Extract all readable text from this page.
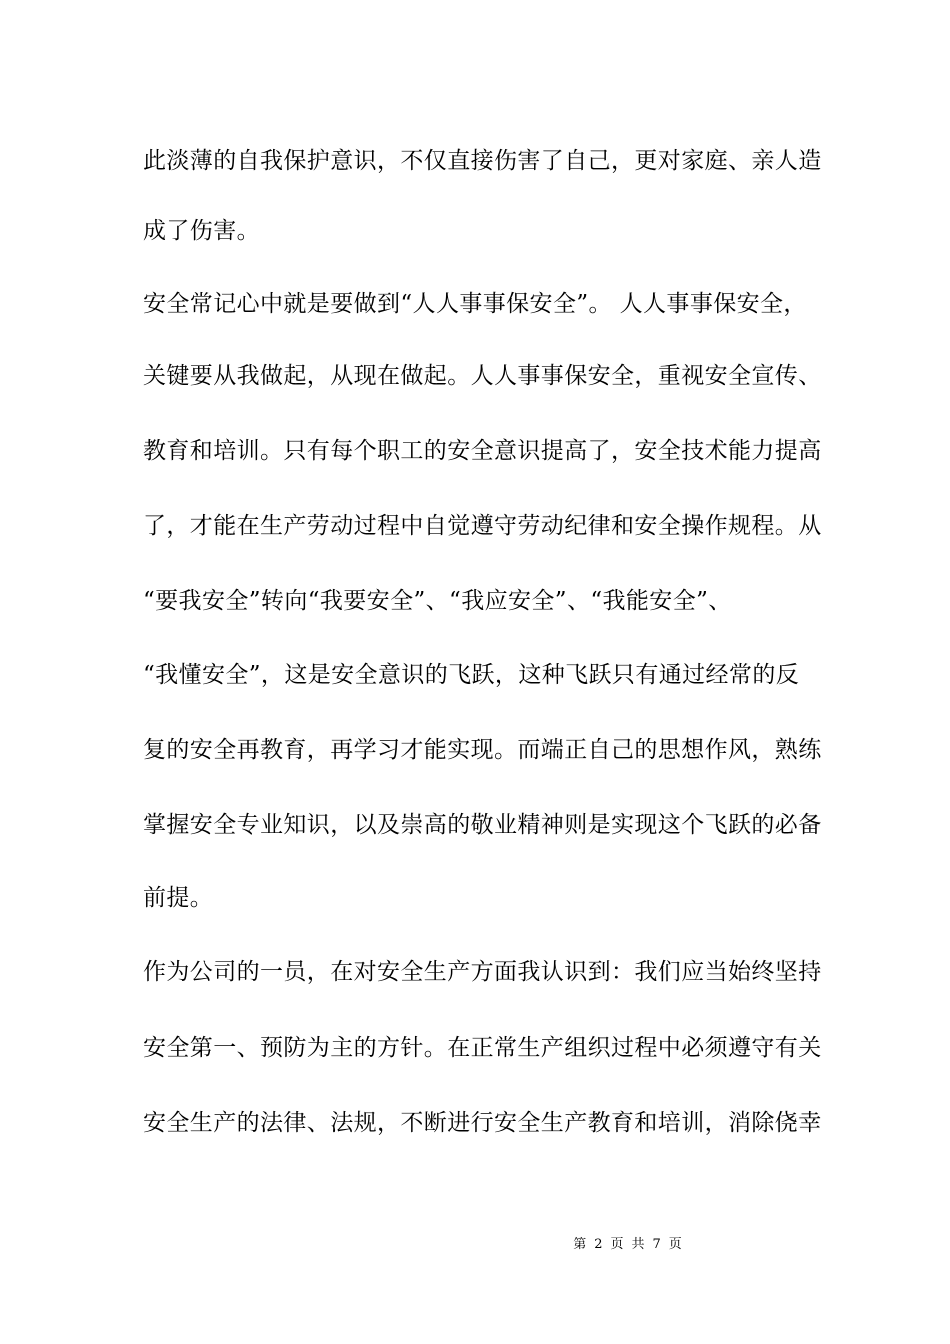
此淡薄的自我保护意识，不仅直接伤害了自己，更对家庭、亲人造
成了伤害。
安全常记心中就是要做到“人人事事保安全”。 人人事事保安全，
关键要从我做起，从现在做起。人人事事保安全，重视安全宣传、
教育和培训。只有每个职工的安全意识提高了，安全技术能力提高
了，才能在生产劳动过程中自觉遵守劳动纪律和安全操作规程。从
“要我安全”转向“我要安全”、“我应安全”、“我能安全”、
“我懂安全”，这是安全意识的飞跃，这种飞跃只有通过经常的反
复的安全再教育，再学习才能实现。而端正自己的思想作风，熟练
掌握安全专业知识，以及崇高的敬业精神则是实现这个飞跃的必备
前提。
作为公司的一员，在对安全生产方面我认识到：我们应当始终坚持
安全第一、预防为主的方针。在正常生产组织过程中必须遵守有关
安全生产的法律、法规，不断进行安全生产教育和培训，消除侥幸
第 2 页 共 7 页
